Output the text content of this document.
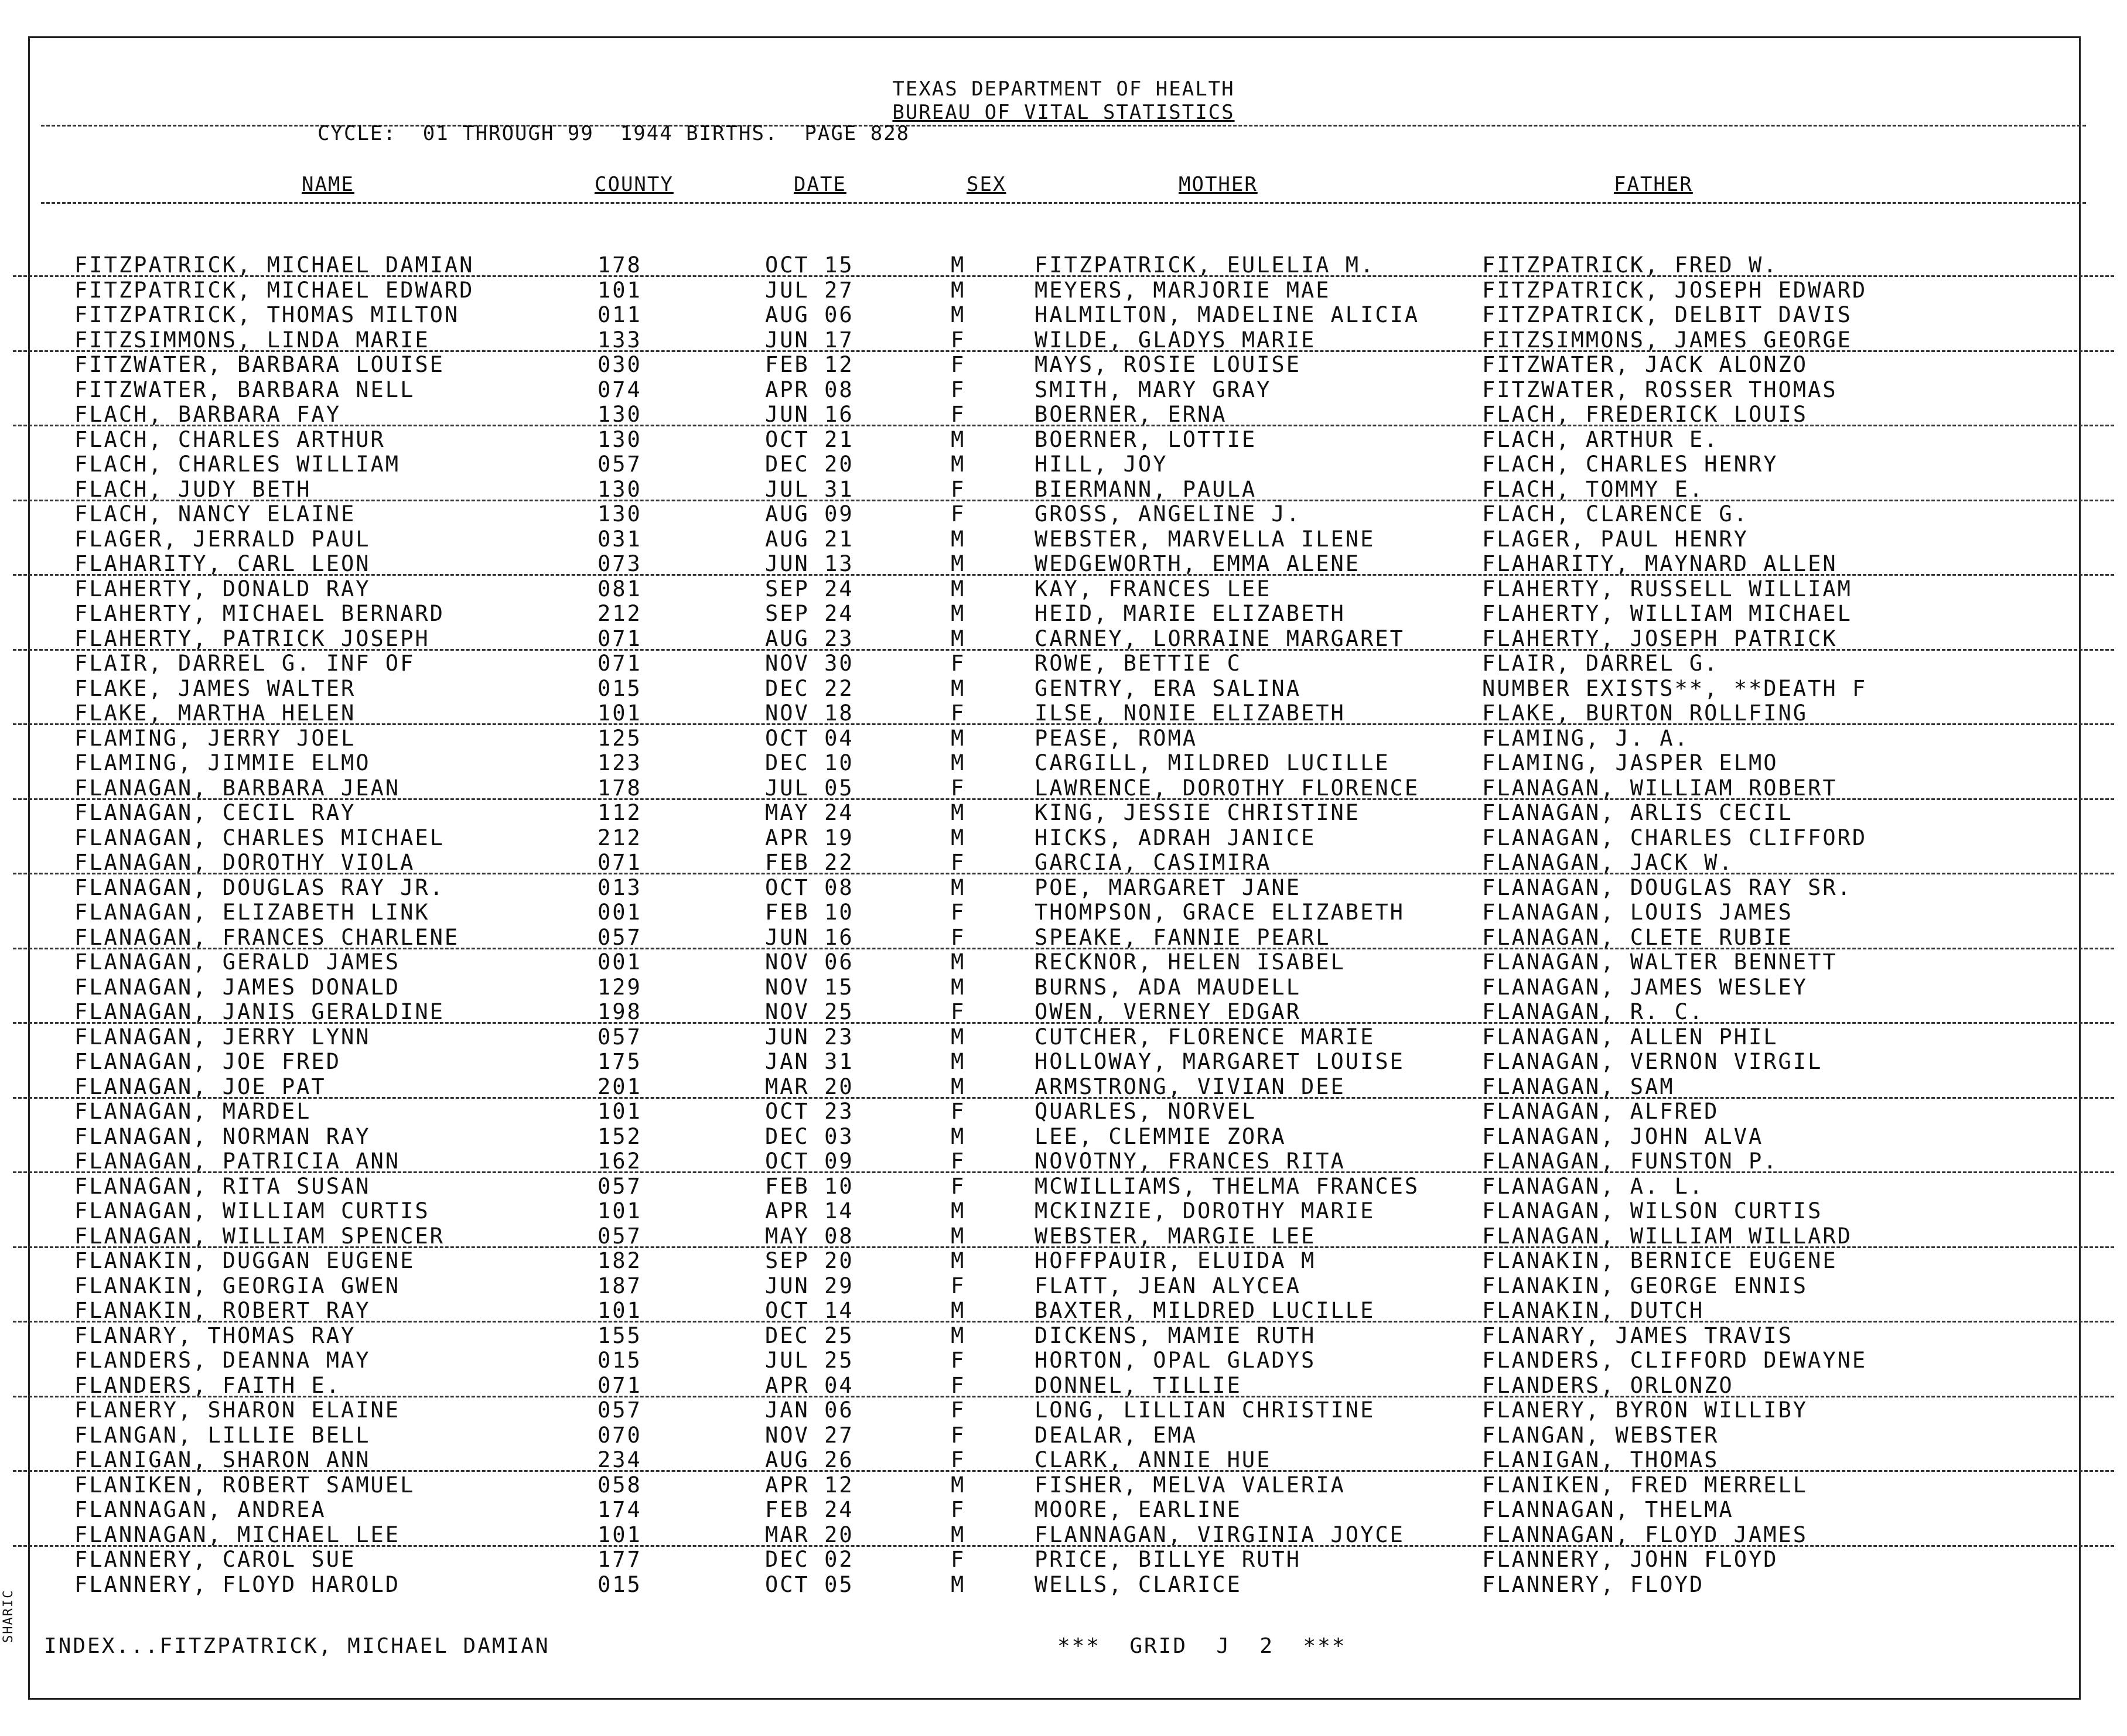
TEXAS DEPARTMENT OF HEALTH
BUREAU OF VITAL STATISTICS
CYCLE:  01 THROUGH 99  1944 BIRTHS.  PAGE 828
NAME	COUNTY	DATE	SEX	MOTHER	FATHER
FITZPATRICK, MICHAEL DAMIAN	178	OCT 15	M	FITZPATRICK, EULELIA M.	FITZPATRICK, FRED W.
FITZPATRICK, MICHAEL EDWARD	101	JUL 27	M	MEYERS, MARJORIE MAE	FITZPATRICK, JOSEPH EDWARD
FITZPATRICK, THOMAS MILTON	011	AUG 06	M	HALMILTON, MADELINE ALICIA	FITZPATRICK, DELBIT DAVIS
FITZSIMMONS, LINDA MARIE	133	JUN 17	F	WILDE, GLADYS MARIE	FITZSIMMONS, JAMES GEORGE
FITZWATER, BARBARA LOUISE	030	FEB 12	F	MAYS, ROSIE LOUISE	FITZWATER, JACK ALONZO
FITZWATER, BARBARA NELL	074	APR 08	F	SMITH, MARY GRAY	FITZWATER, ROSSER THOMAS
FLACH, BARBARA FAY	130	JUN 16	F	BOERNER, ERNA	FLACH, FREDERICK LOUIS
FLACH, CHARLES ARTHUR	130	OCT 21	M	BOERNER, LOTTIE	FLACH, ARTHUR E.
FLACH, CHARLES WILLIAM	057	DEC 20	M	HILL, JOY	FLACH, CHARLES HENRY
FLACH, JUDY BETH	130	JUL 31	F	BIERMANN, PAULA	FLACH, TOMMY E.
FLACH, NANCY ELAINE	130	AUG 09	F	GROSS, ANGELINE J.	FLACH, CLARENCE G.
FLAGER, JERRALD PAUL	031	AUG 21	M	WEBSTER, MARVELLA ILENE	FLAGER, PAUL HENRY
FLAHARITY, CARL LEON	073	JUN 13	M	WEDGEWORTH, EMMA ALENE	FLAHARITY, MAYNARD ALLEN
FLAHERTY, DONALD RAY	081	SEP 24	M	KAY, FRANCES LEE	FLAHERTY, RUSSELL WILLIAM
FLAHERTY, MICHAEL BERNARD	212	SEP 24	M	HEID, MARIE ELIZABETH	FLAHERTY, WILLIAM MICHAEL
FLAHERTY, PATRICK JOSEPH	071	AUG 23	M	CARNEY, LORRAINE MARGARET	FLAHERTY, JOSEPH PATRICK
FLAIR, DARREL G. INF OF	071	NOV 30	F	ROWE, BETTIE C	FLAIR, DARREL G.
FLAKE, JAMES WALTER	015	DEC 22	M	GENTRY, ERA SALINA	NUMBER EXISTS**, **DEATH F
FLAKE, MARTHA HELEN	101	NOV 18	F	ILSE, NONIE ELIZABETH	FLAKE, BURTON ROLLFING
FLAMING, JERRY JOEL	125	OCT 04	M	PEASE, ROMA	FLAMING, J. A.
FLAMING, JIMMIE ELMO	123	DEC 10	M	CARGILL, MILDRED LUCILLE	FLAMING, JASPER ELMO
FLANAGAN, BARBARA JEAN	178	JUL 05	F	LAWRENCE, DOROTHY FLORENCE	FLANAGAN, WILLIAM ROBERT
FLANAGAN, CECIL RAY	112	MAY 24	M	KING, JESSIE CHRISTINE	FLANAGAN, ARLIS CECIL
FLANAGAN, CHARLES MICHAEL	212	APR 19	M	HICKS, ADRAH JANICE	FLANAGAN, CHARLES CLIFFORD
FLANAGAN, DOROTHY VIOLA	071	FEB 22	F	GARCIA, CASIMIRA	FLANAGAN, JACK W.
FLANAGAN, DOUGLAS RAY JR.	013	OCT 08	M	POE, MARGARET JANE	FLANAGAN, DOUGLAS RAY SR.
FLANAGAN, ELIZABETH LINK	001	FEB 10	F	THOMPSON, GRACE ELIZABETH	FLANAGAN, LOUIS JAMES
FLANAGAN, FRANCES CHARLENE	057	JUN 16	F	SPEAKE, FANNIE PEARL	FLANAGAN, CLETE RUBIE
FLANAGAN, GERALD JAMES	001	NOV 06	M	RECKNOR, HELEN ISABEL	FLANAGAN, WALTER BENNETT
FLANAGAN, JAMES DONALD	129	NOV 15	M	BURNS, ADA MAUDELL	FLANAGAN, JAMES WESLEY
FLANAGAN, JANIS GERALDINE	198	NOV 25	F	OWEN, VERNEY EDGAR	FLANAGAN, R. C.
FLANAGAN, JERRY LYNN	057	JUN 23	M	CUTCHER, FLORENCE MARIE	FLANAGAN, ALLEN PHIL
FLANAGAN, JOE FRED	175	JAN 31	M	HOLLOWAY, MARGARET LOUISE	FLANAGAN, VERNON VIRGIL
FLANAGAN, JOE PAT	201	MAR 20	M	ARMSTRONG, VIVIAN DEE	FLANAGAN, SAM
FLANAGAN, MARDEL	101	OCT 23	F	QUARLES, NORVEL	FLANAGAN, ALFRED
FLANAGAN, NORMAN RAY	152	DEC 03	M	LEE, CLEMMIE ZORA	FLANAGAN, JOHN ALVA
FLANAGAN, PATRICIA ANN	162	OCT 09	F	NOVOTNY, FRANCES RITA	FLANAGAN, FUNSTON P.
FLANAGAN, RITA SUSAN	057	FEB 10	F	MCWILLIAMS, THELMA FRANCES	FLANAGAN, A. L.
FLANAGAN, WILLIAM CURTIS	101	APR 14	M	MCKINZIE, DOROTHY MARIE	FLANAGAN, WILSON CURTIS
FLANAGAN, WILLIAM SPENCER	057	MAY 08	M	WEBSTER, MARGIE LEE	FLANAGAN, WILLIAM WILLARD
FLANAKIN, DUGGAN EUGENE	182	SEP 20	M	HOFFPAUIR, ELUIDA M	FLANAKIN, BERNICE EUGENE
FLANAKIN, GEORGIA GWEN	187	JUN 29	F	FLATT, JEAN ALYCEA	FLANAKIN, GEORGE ENNIS
FLANAKIN, ROBERT RAY	101	OCT 14	M	BAXTER, MILDRED LUCILLE	FLANAKIN, DUTCH
FLANARY, THOMAS RAY	155	DEC 25	M	DICKENS, MAMIE RUTH	FLANARY, JAMES TRAVIS
FLANDERS, DEANNA MAY	015	JUL 25	F	HORTON, OPAL GLADYS	FLANDERS, CLIFFORD DEWAYNE
FLANDERS, FAITH E.	071	APR 04	F	DONNEL, TILLIE	FLANDERS, ORLONZO
FLANERY, SHARON ELAINE	057	JAN 06	F	LONG, LILLIAN CHRISTINE	FLANERY, BYRON WILLIBY
FLANGAN, LILLIE BELL	070	NOV 27	F	DEALAR, EMA	FLANGAN, WEBSTER
FLANIGAN, SHARON ANN	234	AUG 26	F	CLARK, ANNIE HUE	FLANIGAN, THOMAS
FLANIKEN, ROBERT SAMUEL	058	APR 12	M	FISHER, MELVA VALERIA	FLANIKEN, FRED MERRELL
FLANNAGAN, ANDREA	174	FEB 24	F	MOORE, EARLINE	FLANNAGAN, THELMA
FLANNAGAN, MICHAEL LEE	101	MAR 20	M	FLANNAGAN, VIRGINIA JOYCE	FLANNAGAN, FLOYD JAMES
FLANNERY, CAROL SUE	177	DEC 02	F	PRICE, BILLYE RUTH	FLANNERY, JOHN FLOYD
FLANNERY, FLOYD HAROLD	015	OCT 05	M	WELLS, CLARICE	FLANNERY, FLOYD
INDEX...FITZPATRICK, MICHAEL DAMIAN	***  GRID  J  2  ***
SHARIC
